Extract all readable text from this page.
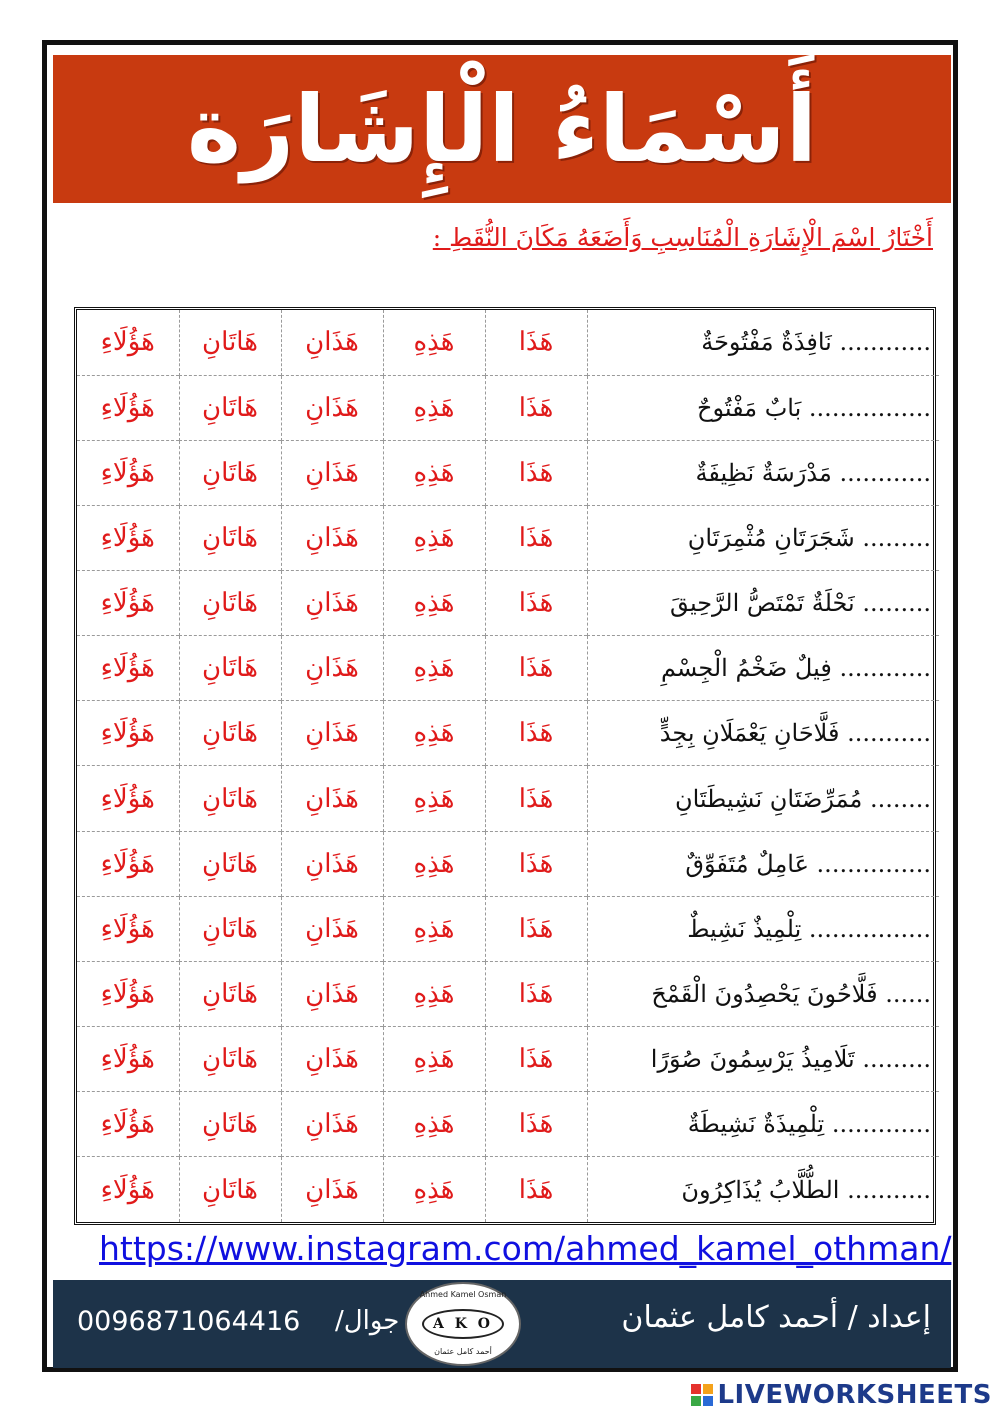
أَسْمَاءُ الْإِشَارَة
أَخْتَارُ اسْمَ الْإِشَارَةِ الْمُنَاسِبِ وَأَضَعَهُ مَكَانَ النُّقَطِ :
............ نَافِذَةٌ مَفْتُوحَةٌ	هَذَا	هَذِهِ	هَذَانِ	هَاتَانِ	هَؤُلَاءِ
................ بَابٌ مَفْتُوحٌ	هَذَا	هَذِهِ	هَذَانِ	هَاتَانِ	هَؤُلَاءِ
............ مَدْرَسَةٌ نَظِيفَةٌ	هَذَا	هَذِهِ	هَذَانِ	هَاتَانِ	هَؤُلَاءِ
......... شَجَرَتَانِ مُثْمِرَتَانِ	هَذَا	هَذِهِ	هَذَانِ	هَاتَانِ	هَؤُلَاءِ
......... نَحْلَةٌ تَمْتَصُّ الرَّحِيقَ	هَذَا	هَذِهِ	هَذَانِ	هَاتَانِ	هَؤُلَاءِ
............ فِيلٌ ضَخْمُ الْجِسْمِ	هَذَا	هَذِهِ	هَذَانِ	هَاتَانِ	هَؤُلَاءِ
........... فَلَّاحَانِ يَعْمَلَانِ بِجِدٍّ	هَذَا	هَذِهِ	هَذَانِ	هَاتَانِ	هَؤُلَاءِ
........ مُمَرِّضَتَانِ نَشِيطَتَانِ	هَذَا	هَذِهِ	هَذَانِ	هَاتَانِ	هَؤُلَاءِ
............... عَامِلٌ مُتَفَوِّقٌ	هَذَا	هَذِهِ	هَذَانِ	هَاتَانِ	هَؤُلَاءِ
................ تِلْمِيذٌ نَشِيطٌ	هَذَا	هَذِهِ	هَذَانِ	هَاتَانِ	هَؤُلَاءِ
...... فَلَّاحُونَ يَحْصِدُونَ الْقَمْحَ	هَذَا	هَذِهِ	هَذَانِ	هَاتَانِ	هَؤُلَاءِ
......... تَلَامِيذُ يَرْسِمُونَ صُوَرًا	هَذَا	هَذِهِ	هَذَانِ	هَاتَانِ	هَؤُلَاءِ
............. تِلْمِيذَةٌ نَشِيطَةٌ	هَذَا	هَذِهِ	هَذَانِ	هَاتَانِ	هَؤُلَاءِ
........... الطُّلَّابُ يُذَاكِرُونَ	هَذَا	هَذِهِ	هَذَانِ	هَاتَانِ	هَؤُلَاءِ
https://www.instagram.com/ahmed_kamel_othman/
0096871064416 جوال/
Ahmed Kamel Osman
A K O
أحمد كامل عثمان
إعداد / أحمد كامل عثمان
LIVEWORKSHEETS
